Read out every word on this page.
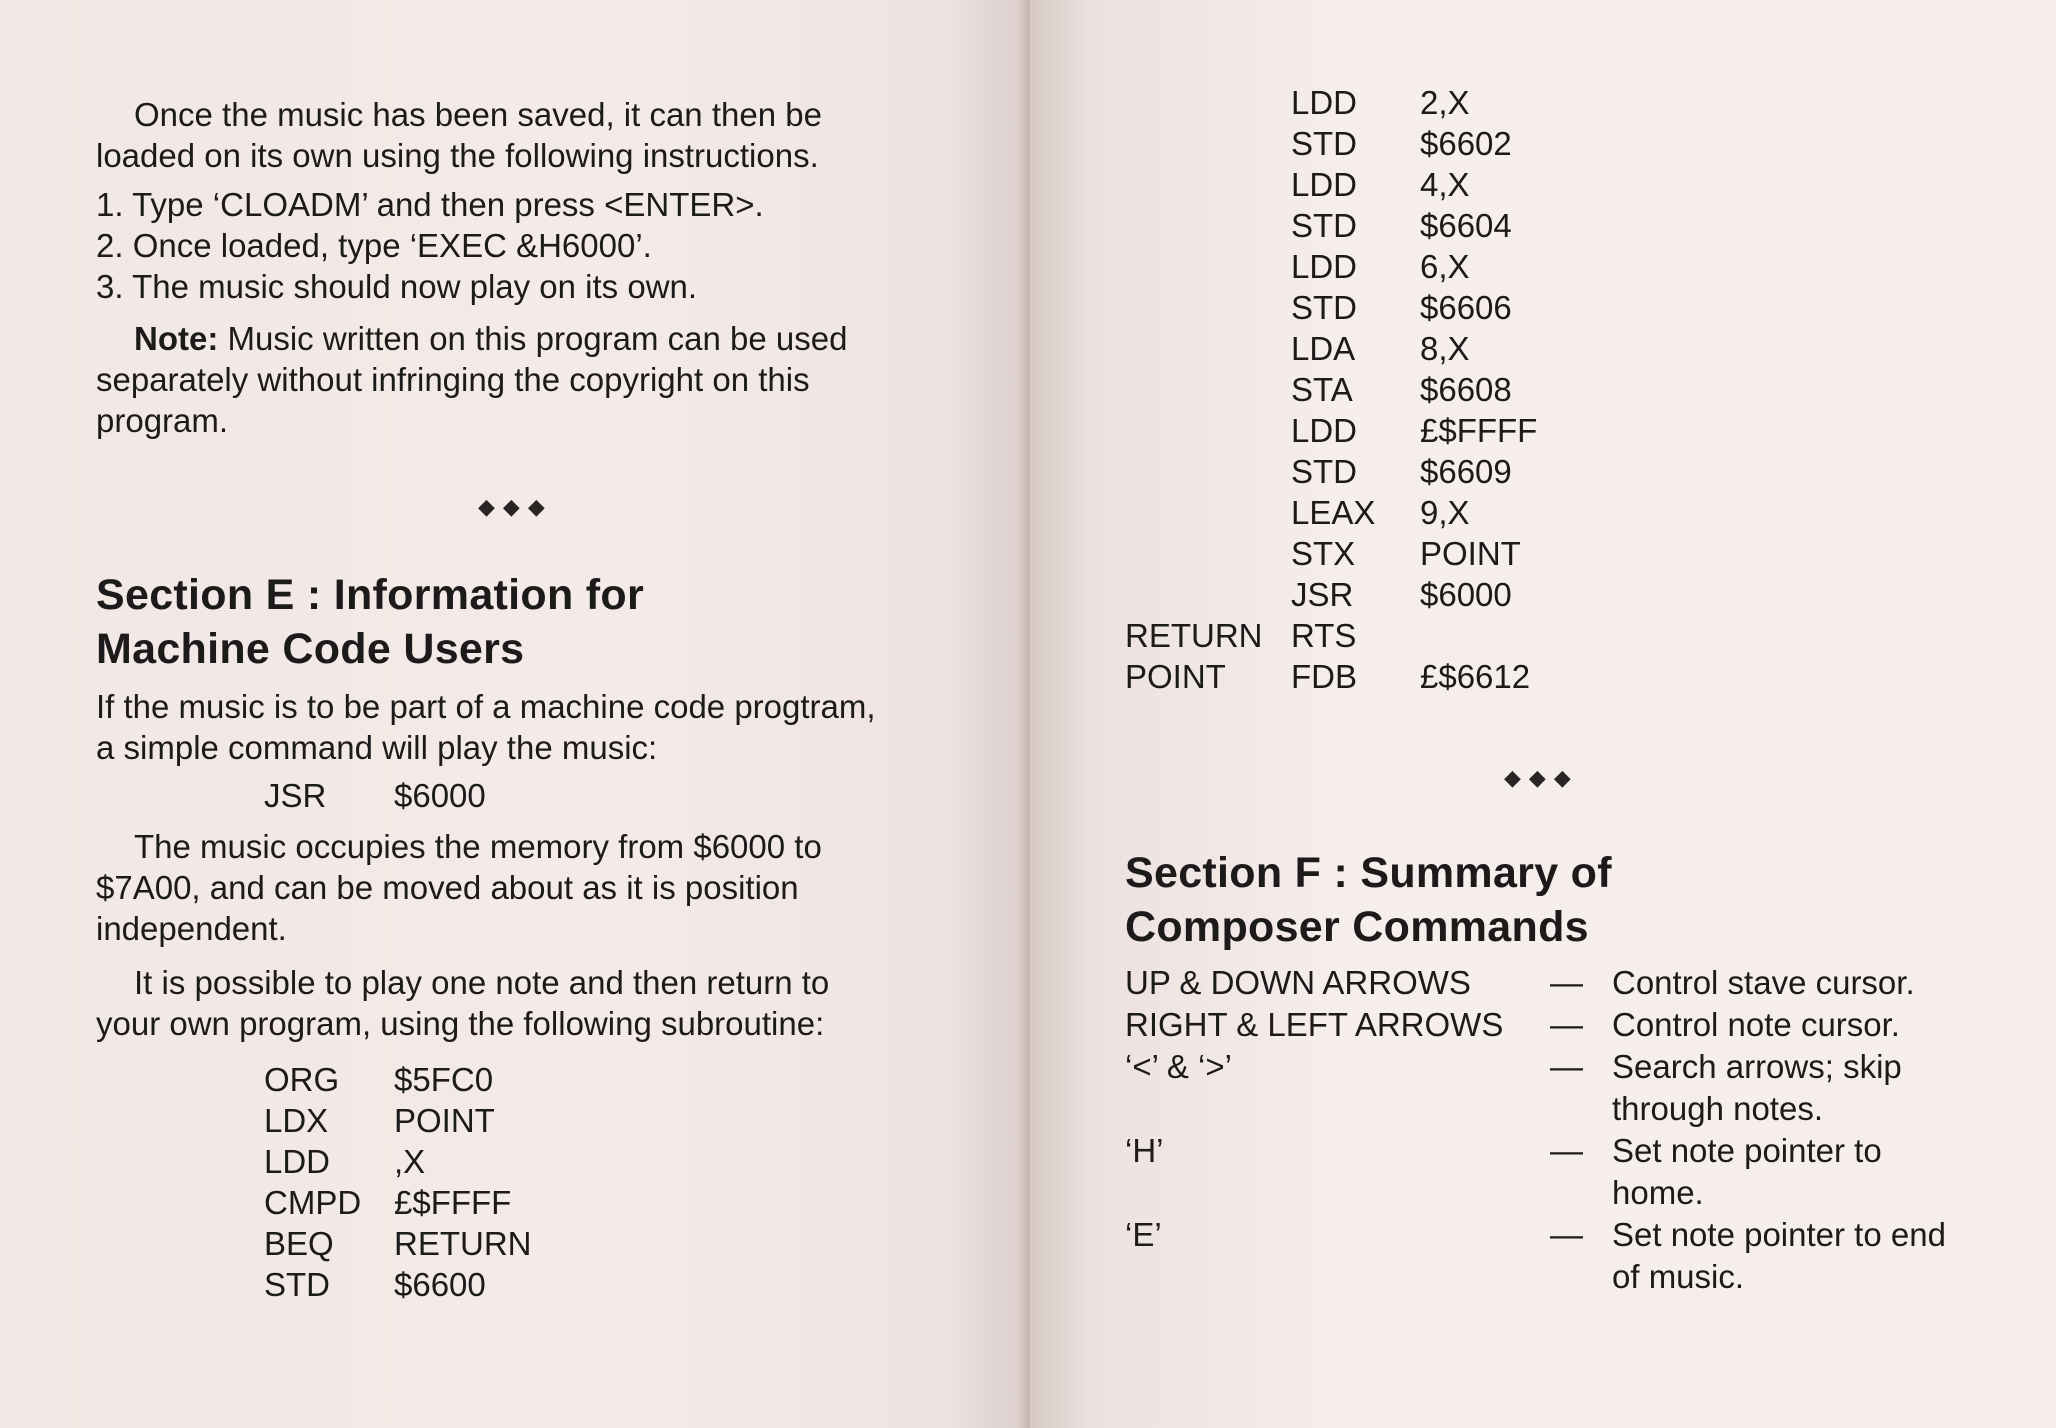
Once the music has been saved, it can then be
loaded on its own using the following instructions.
1. Type ‘CLOADM’ and then press <ENTER>.
2. Once loaded, type ‘EXEC &H6000’.
3. The music should now play on its own.
Note: Music written on this program can be used
separately without infringing the copyright on this
program.
◆◆◆
Section E : Information for
Machine Code Users
If the music is to be part of a machine code progtram,
a simple command will play the music:
JSR $6000
The music occupies the memory from $6000 to
$7A00, and can be moved about as it is position
independent.
It is possible to play one note and then return to
your own program, using the following subroutine:
ORG $5FC0
LDX POINT
LDD ,X
CMPD £$FFFF
BEQ RETURN
STD $6600
LDD 2,X
STD $6602
LDD 4,X
STD $6604
LDD 6,X
STD $6606
LDA 8,X
STA $6608
LDD £$FFFF
STD $6609
LEAX 9,X
STX POINT
JSR $6000
RETURN RTS
POINT FDB £$6612
◆◆◆
Section F : Summary of
Composer Commands
UP & DOWN ARROWS — Control stave cursor.
RIGHT & LEFT ARROWS — Control note cursor.
‘<’ & ‘>’	— Search arrows; skip through notes.
‘H’	— Set note pointer to home.
‘E’	— Set note pointer to end of music.
